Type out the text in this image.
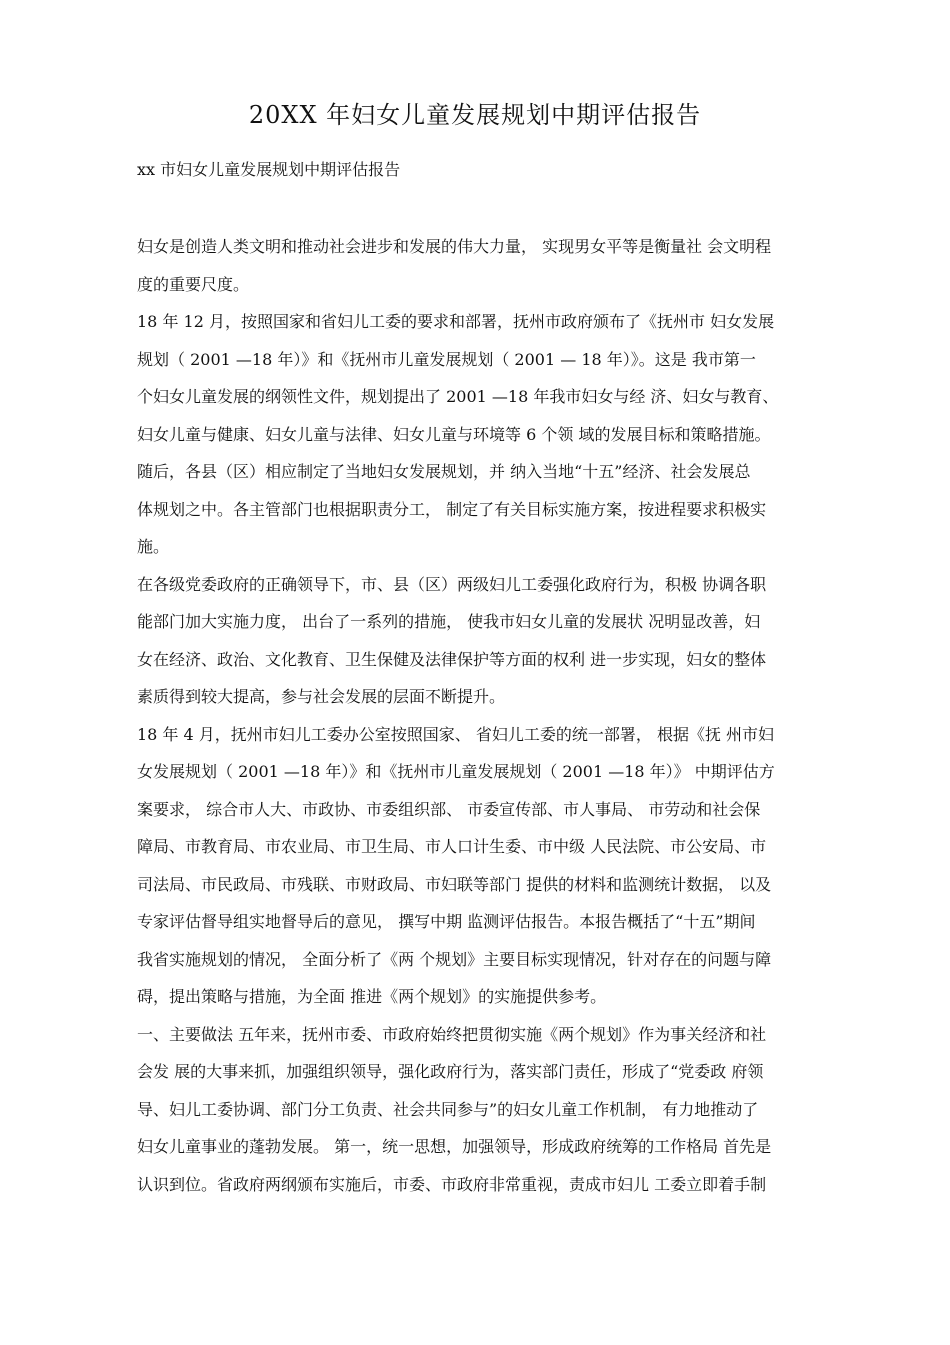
20XX 年妇女儿童发展规划中期评估报告

xx 市妇女儿童发展规划中期评估报告

妇女是创造人类文明和推动社会进步和发展的伟大力量， 实现男女平等是衡量社 会文明程
度的重要尺度。

18 年 12 月，按照国家和省妇儿工委的要求和部署，抚州市政府颁布了《抚州市 妇女发展
规划（ 2001 —18 年）》和《抚州市儿童发展规划（ 2001 — 18 年）》。这是 我市第一
个妇女儿童发展的纲领性文件，规划提出了 2001 —18 年我市妇女与经 济、妇女与教育、
妇女儿童与健康、妇女儿童与法律、妇女儿童与环境等 6 个领 域的发展目标和策略措施。
随后，各县（区）相应制定了当地妇女发展规划，并 纳入当地“十五”经济、社会发展总
体规划之中。各主管部门也根据职责分工， 制定了有关目标实施方案，按进程要求积极实
施。

在各级党委政府的正确领导下，市、县（区）两级妇儿工委强化政府行为，积极 协调各职
能部门加大实施力度， 出台了一系列的措施， 使我市妇女儿童的发展状 况明显改善，妇
女在经济、政治、文化教育、卫生保健及法律保护等方面的权利 进一步实现，妇女的整体
素质得到较大提高，参与社会发展的层面不断提升。

18 年 4 月，抚州市妇儿工委办公室按照国家、 省妇儿工委的统一部署， 根据《抚 州市妇
女发展规划（ 2001 —18 年）》和《抚州市儿童发展规划（ 2001 —18 年）》 中期评估方
案要求， 综合市人大、市政协、市委组织部、 市委宣传部、市人事局、 市劳动和社会保
障局、市教育局、市农业局、市卫生局、市人口计生委、市中级 人民法院、市公安局、市
司法局、市民政局、市残联、市财政局、市妇联等部门 提供的材料和监测统计数据， 以及
专家评估督导组实地督导后的意见， 撰写中期 监测评估报告。本报告概括了“十五”期间
我省实施规划的情况， 全面分析了《两 个规划》主要目标实现情况，针对存在的问题与障
碍，提出策略与措施，为全面 推进《两个规划》的实施提供参考。

一、主要做法 五年来，抚州市委、市政府始终把贯彻实施《两个规划》作为事关经济和社
会发 展的大事来抓，加强组织领导，强化政府行为，落实部门责任，形成了“党委政 府领
导、妇儿工委协调、部门分工负责、社会共同参与”的妇女儿童工作机制， 有力地推动了
妇女儿童事业的蓬勃发展。 第一，统一思想，加强领导，形成政府统筹的工作格局 首先是
认识到位。省政府两纲颁布实施后，市委、市政府非常重视，责成市妇儿 工委立即着手制
